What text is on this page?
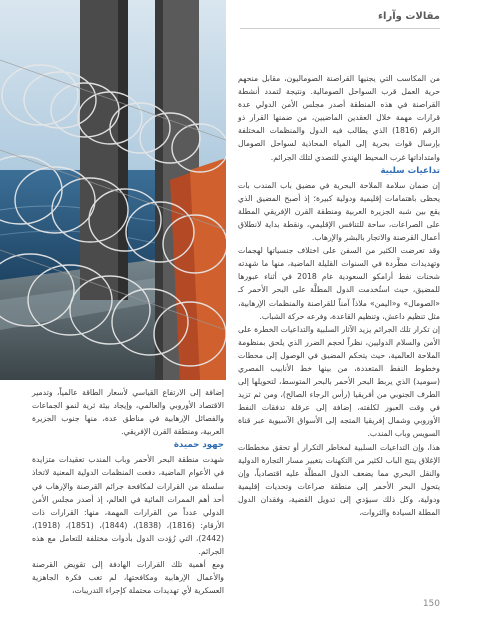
مقالات وآراء

من المكاسب التي يجنيها القراصنة الصوماليون، مقابل منحهم حرية العمل قرب السواحل الصومالية. ونتيجة لتمدد أنشطة القراصنة في هذه المنطقة أصدر مجلس الأمن الدولي عدة قرارات مهمة خلال العقدين الماضيين، من ضمنها القرار ذو الرقم (1816) الذي يطالب فيه الدول والمنظمات المختلفة بإرسال قوات بحرية إلى المياه المحاذية لسواحل الصومال وامتداداتها غرب المحيط الهندي للتصدي لتلك الجرائم.

تداعيات سلبية

إن ضمان سلامة الملاحة البحرية في مضيق باب المندب بات يحظى باهتمامات إقليمية ودولية كبيرة؛ إذ أصبح المضيق الذي يقع بين شبه الجزيرة العربية ومنطقة القرن الإفريقي المطلة على الصراعات، ساحة للتنافس الإقليمي، ونقطة بداية لانطلاق أعمال القرصنة والاتجار بالبشر والإرهاب.

وقد تعرضت الكثير من السفن على اختلاف جنسياتها لهجمات وتهديدات مطَّردة في السنوات القليلة الماضية، منها ما شهدته شحنات نفط أرامكو السعودية عام 2018 في أثناء عبورها للمضيق، حيث استُخدمت الدول المطلَّة على البحر الأحمر كـ «الصومال» و«اليمن» ملاذاً آمناً للقراصنة والمنظمات الإرهابية، مثل تنظيم داعش، وتنظيم القاعدة، وفرعه حركة الشباب.

إن تكرار تلك الجرائم يزيد الآثار السلبية والتداعيات الخطرة على الأمن والسلام الدوليين، نظراً لحجم الضرر الذي يلحق بمنظومة الملاحة العالمية، حيث يتحكم المضيق في الوصول إلى محطات وخطوط النفط المتعددة، من بينها خط الأنابيب المصري (سوميد) الذي يربط البحر الأحمر بالبحر المتوسط، لتحويلها إلى الطرف الجنوبي من أفريقيا (رأس الرجاء الصالح)، ومن ثم تزيد في وقت العبور لكلفته، إضافة إلى عرقلة تدفقات النفط الأوروبي وشمال إفريقيا المتجه إلى الأسواق الآسيوية عبر قناة السويس وباب المندب.

هذا، وإن التداعيات السلبية لمخاطر التكرار أو تحقق مخططات الإغلاق ينتج الباب لكثير من التكهنات بتغيير مسار التجارة الدولية والنقل البحري مما يضعف الدول المطلَّة عليه اقتصادياً، وإن يتحول البحر الأحمر إلى منطقة صراعات وتحديات إقليمية ودولية، وكل ذلك سيؤدي إلى تدويل القضية، وفقدان الدول المطلة السيادة والثروات،

إضافة إلى الارتفاع القياسي لأسعار الطاقة عالمياً، وتدمير الاقتصاد الأوروبي والعالمي، وإيجاد بيئة ثرية لنمو الجماعات والفصائل الإرهابية في مناطق عدة، منها جنوب الجزيرة العربية، ومنطقة القرن الإفريقي.

جهود حميدة

شهدت منطقة البحر الأحمر وباب المندب تعقيدات متزايدة في الأعوام الماضية، دفعت المنظمات الدولية المعنية لاتخاذ سلسلة من القرارات لمكافحة جرائم القرصنة والإرهاب في أحد أهم الممرات المائية في العالم، إذ أصدر مجلس الأمن الدولي عدداً من القرارات المهمة، منها: القرارات ذات الأرقام: (1816)، (1838)، (1844)، (1851)، (1918)، (2442)، التي رُؤدت الدول بأدوات مختلفة للتعامل مع هذه الجرائم.

ومع أهمية تلك القرارات الهادفة إلى تقويض القرصنة والأعمال الإرهابية ومكافحتها، لم تغب فكرة الجاهزية العسكرية لأي تهديدات محتملة كإجراء التدريبات،

150
